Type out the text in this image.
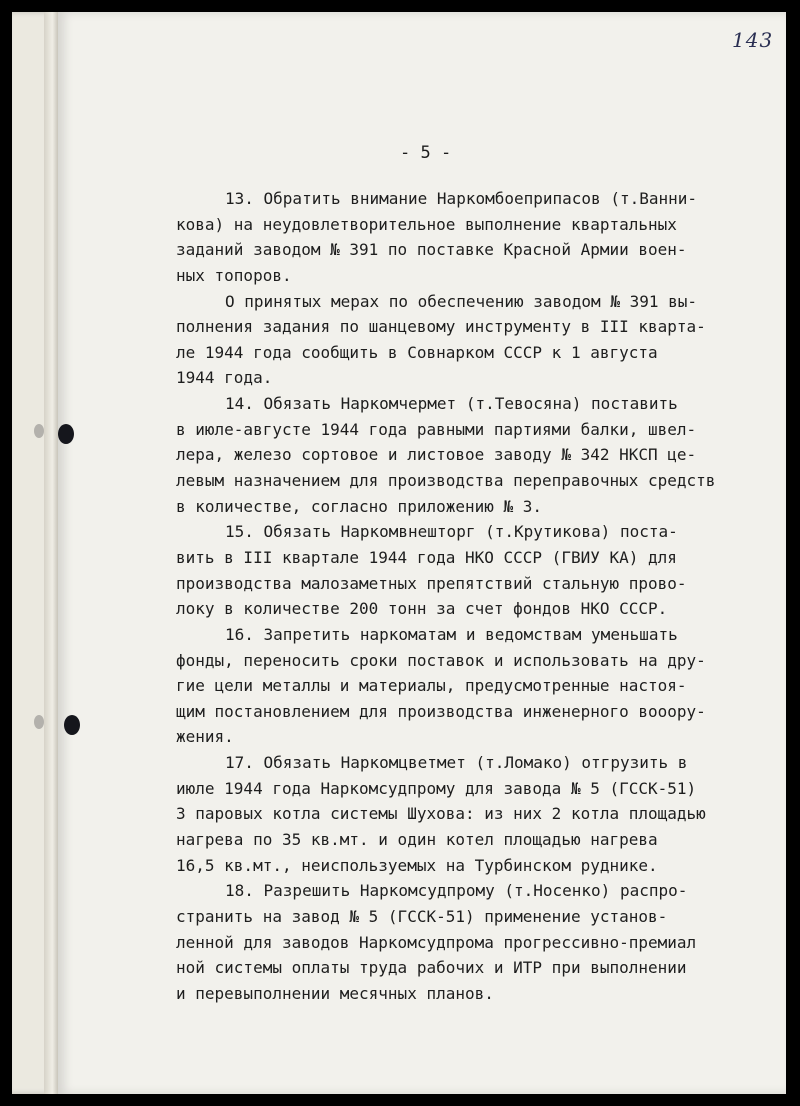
143
- 5 -
13. Обратить внимание Наркомбоеприпасов (т.Ванни-
кова) на неудовлетворительное выполнение квартальных
заданий заводом № 391 по поставке Красной Армии воен-
ных топоров.
О принятых мерах по обеспечению заводом № 391 вы-
полнения задания по шанцевому инструменту в III кварта-
ле 1944 года сообщить в Совнарком СССР к 1 августа
1944 года.
14. Обязать Наркомчермет (т.Тевосяна) поставить
в июле-августе 1944 года равными партиями балки, швел-
лера, железо сортовое и листовое заводу № 342 НКСП це-
левым назначением для производства переправочных средств
в количестве, согласно приложению № 3.
15. Обязать Наркомвнешторг (т.Крутикова) поста-
вить в III квартале 1944 года НКО СССР (ГВИУ КА) для
производства малозаметных препятствий стальную прово-
локу в количестве 200 тонн за счет фондов НКО СССР.
16. Запретить наркоматам и ведомствам уменьшать
фонды, переносить сроки поставок и использовать на дру-
гие цели металлы и материалы, предусмотренные настоя-
щим постановлением для производства инженерного вооору-
жения.
17. Обязать Наркомцветмет (т.Ломако) отгрузить в
июле 1944 года Наркомсудпрому для завода № 5 (ГССК-51)
3 паровых котла системы Шухова: из них 2 котла площадью
нагрева по 35 кв.мт. и один котел площадью нагрева
16,5 кв.мт., неиспользуемых на Турбинском руднике.
18. Разрешить Наркомсудпрому (т.Носенко) распро-
странить на завод № 5 (ГССК-51) применение установ-
ленной для заводов Наркомсудпрома прогрессивно-премиал
ной системы оплаты труда рабочих и ИТР при выполнении
и перевыполнении месячных планов.
